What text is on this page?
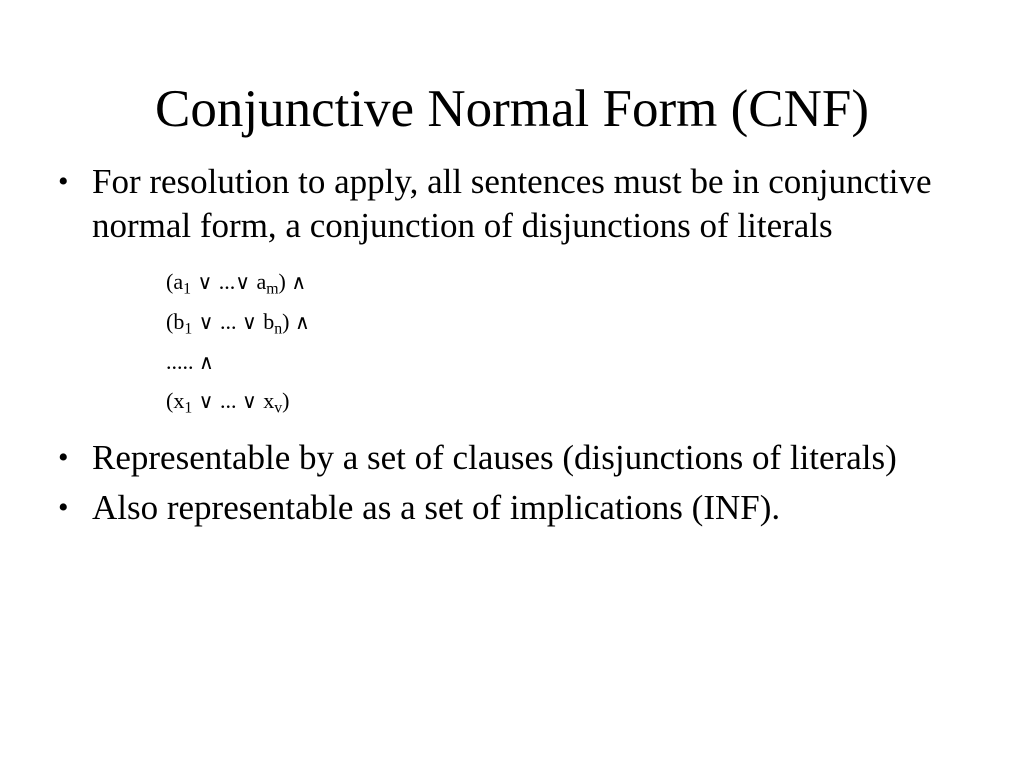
Conjunctive Normal Form (CNF)
• For resolution to apply, all sentences must be in conjunctive normal form, a conjunction of disjunctions of literals
($a_1$ ∨ ...∨ $a_m$) ∧
($b_1$ ∨ ... ∨ $b_n$) ∧
..... ∧
($x_1$ ∨ ... ∨ $x_v$)
• Representable by a set of clauses (disjunctions of literals)
• Also representable as a set of implications (INF).
